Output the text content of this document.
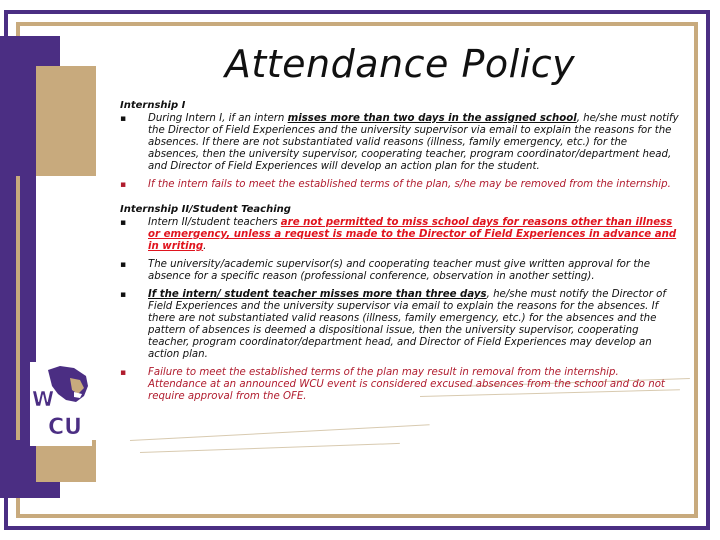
W
CU
Attendance Policy
Internship I
▪ During Intern I, if an intern misses more than two days in the assigned school, he/she must notify the Director of Field Experiences and the university supervisor via email to explain the reasons for the absences. If there are not substantiated valid reasons (illness, family emergency, etc.) for the absences, then the university supervisor, cooperating teacher, program coordinator/department head, and Director of Field Experiences will develop an action plan for the student.
▪ If the intern fails to meet the established terms of the plan, s/he may be removed from the internship.
Internship II/Student Teaching
▪ Intern II/student teachers are not permitted to miss school days for reasons other than illness or emergency, unless a request is made to the Director of Field Experiences in advance and in writing.
▪ The university/academic supervisor(s) and cooperating teacher must give written approval for the absence for a specific reason (professional conference, observation in another setting).
▪ If the intern/ student teacher misses more than three days, he/she must notify the Director of Field Experiences and the university supervisor via email to explain the reasons for the absences. If there are not substantiated valid reasons (illness, family emergency, etc.) for the absences and the pattern of absences is deemed a dispositional issue, then the university supervisor, cooperating teacher, program coordinator/department head, and Director of Field Experiences may develop an action plan.
▪ Failure to meet the established terms of the plan may result in removal from the internship. Attendance at an announced WCU event is considered excused absences from the school and do not require approval from the OFE.
